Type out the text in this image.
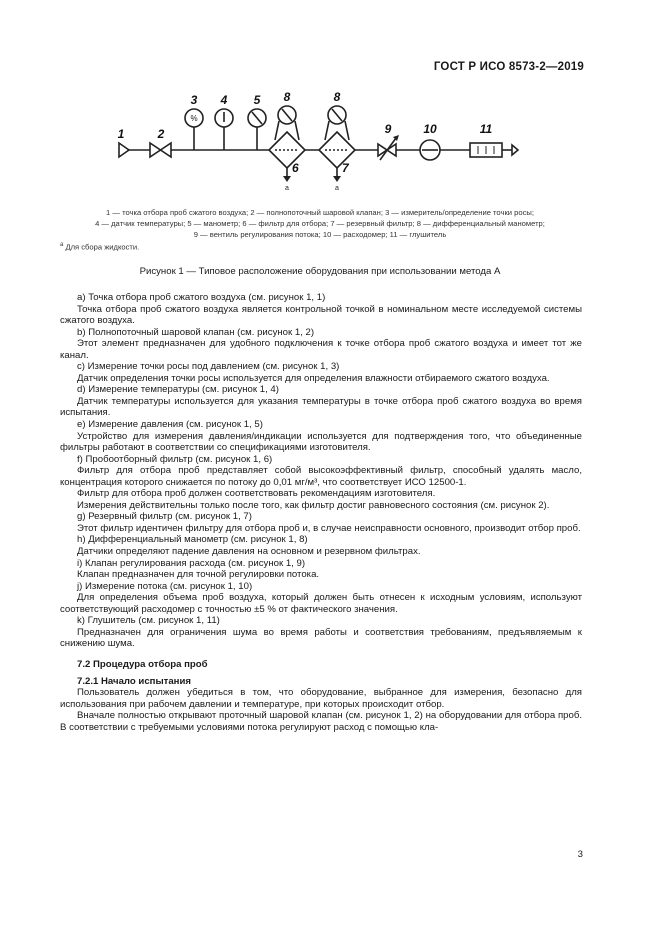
ГОСТ Р ИСО 8573-2—2019
%
1	2
3 4 5 8
6
8
7
9	10	11
a	a
1 — точка отбора проб сжатого воздуха; 2 — полнопоточный шаровой клапан; 3 — измеритель/определение точки росы;
4 — датчик температуры; 5 — манометр; 6 — фильтр для отбора; 7 — резервный фильтр; 8 — дифференциальный манометр;
9 — вентиль регулирования потока; 10 — расходомер; 11 — глушитель
$^а$ Для сбора жидкости.
Рисунок 1 — Типовое расположение оборудования при использовании метода А

a) Точка отбора проб сжатого воздуха (см. рисунок 1, 1)

Точка отбора проб сжатого воздуха является контрольной точкой в номинальном месте исследуемой системы сжатого воздуха.

b) Полнопоточный шаровой клапан (см. рисунок 1, 2)

Этот элемент предназначен для удобного подключения к точке отбора проб сжатого воздуха и имеет тот же канал.

c) Измерение точки росы под давлением (см. рисунок 1, 3)

Датчик определения точки росы используется для определения влажности отбираемого сжатого воздуха.

d) Измерение температуры (см. рисунок 1, 4)

Датчик температуры используется для указания температуры в точке отбора проб сжатого воздуха во время испытания.

e) Измерение давления (см. рисунок 1, 5)

Устройство для измерения давления/индикации используется для подтверждения того, что объединенные фильтры работают в соответствии со спецификациями изготовителя.

f) Пробоотборный фильтр (см. рисунок 1, 6)

Фильтр для отбора проб представляет собой высокоэффективный фильтр, способный удалять масло, концентрация которого снижается по потоку до 0,01 мг/м³, что соответствует ИСО 12500-1.

Фильтр для отбора проб должен соответствовать рекомендациям изготовителя.

Измерения действительны только после того, как фильтр достиг равновесного состояния (см. рисунок 2).

g) Резервный фильтр (см. рисунок 1, 7)

Этот фильтр идентичен фильтру для отбора проб и, в случае неисправности основного, производит отбор проб.

h) Дифференциальный манометр (см. рисунок 1, 8)

Датчики определяют падение давления на основном и резервном фильтрах.

i) Клапан регулирования расхода (см. рисунок 1, 9)

Клапан предназначен для точной регулировки потока.

j) Измерение потока (см. рисунок 1, 10)

Для определения объема проб воздуха, который должен быть отнесен к исходным условиям, используют соответствующий расходомер с точностью ±5 % от фактического значения.

k) Глушитель (см. рисунок 1, 11)

Предназначен для ограничения шума во время работы и соответствия требованиям, предъявляемым к снижению шума.

7.2 Процедура отбора проб

7.2.1 Начало испытания

Пользователь должен убедиться в том, что оборудование, выбранное для измерения, безопасно для использования при рабочем давлении и температуре, при которых происходит отбор.

Вначале полностью открывают проточный шаровой клапан (см. рисунок 1, 2) на оборудовании для отбора проб. В соответствии с требуемыми условиями потока регулируют расход с помощью кла-

3
